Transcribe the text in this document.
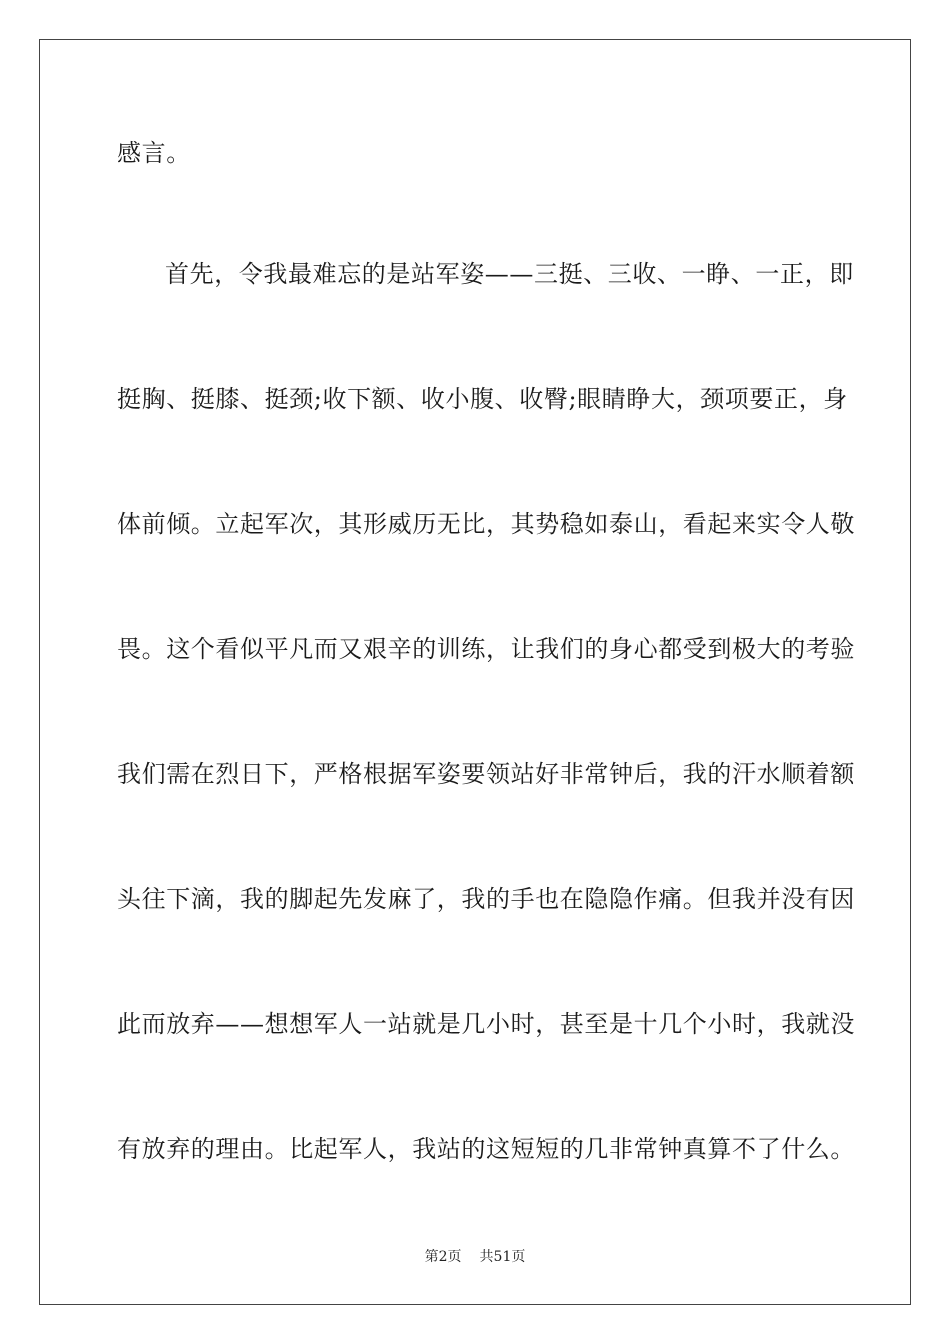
感言。
首先，令我最难忘的是站军姿——三挺、三收、一睁、一正，即
挺胸、挺膝、挺颈;收下额、收小腹、收臀;眼睛睁大，颈项要正，身
体前倾。立起军次，其形威历无比，其势稳如泰山，看起来实令人敬
畏。这个看似平凡而又艰辛的训练，让我们的身心都受到极大的考验
我们需在烈日下，严格根据军姿要领站好非常钟后，我的汗水顺着额
头往下滴，我的脚起先发麻了，我的手也在隐隐作痛。但我并没有因
此而放弃——想想军人一站就是几小时，甚至是十几个小时，我就没
有放弃的理由。比起军人，我站的这短短的几非常钟真算不了什么。
第2页 共51页
